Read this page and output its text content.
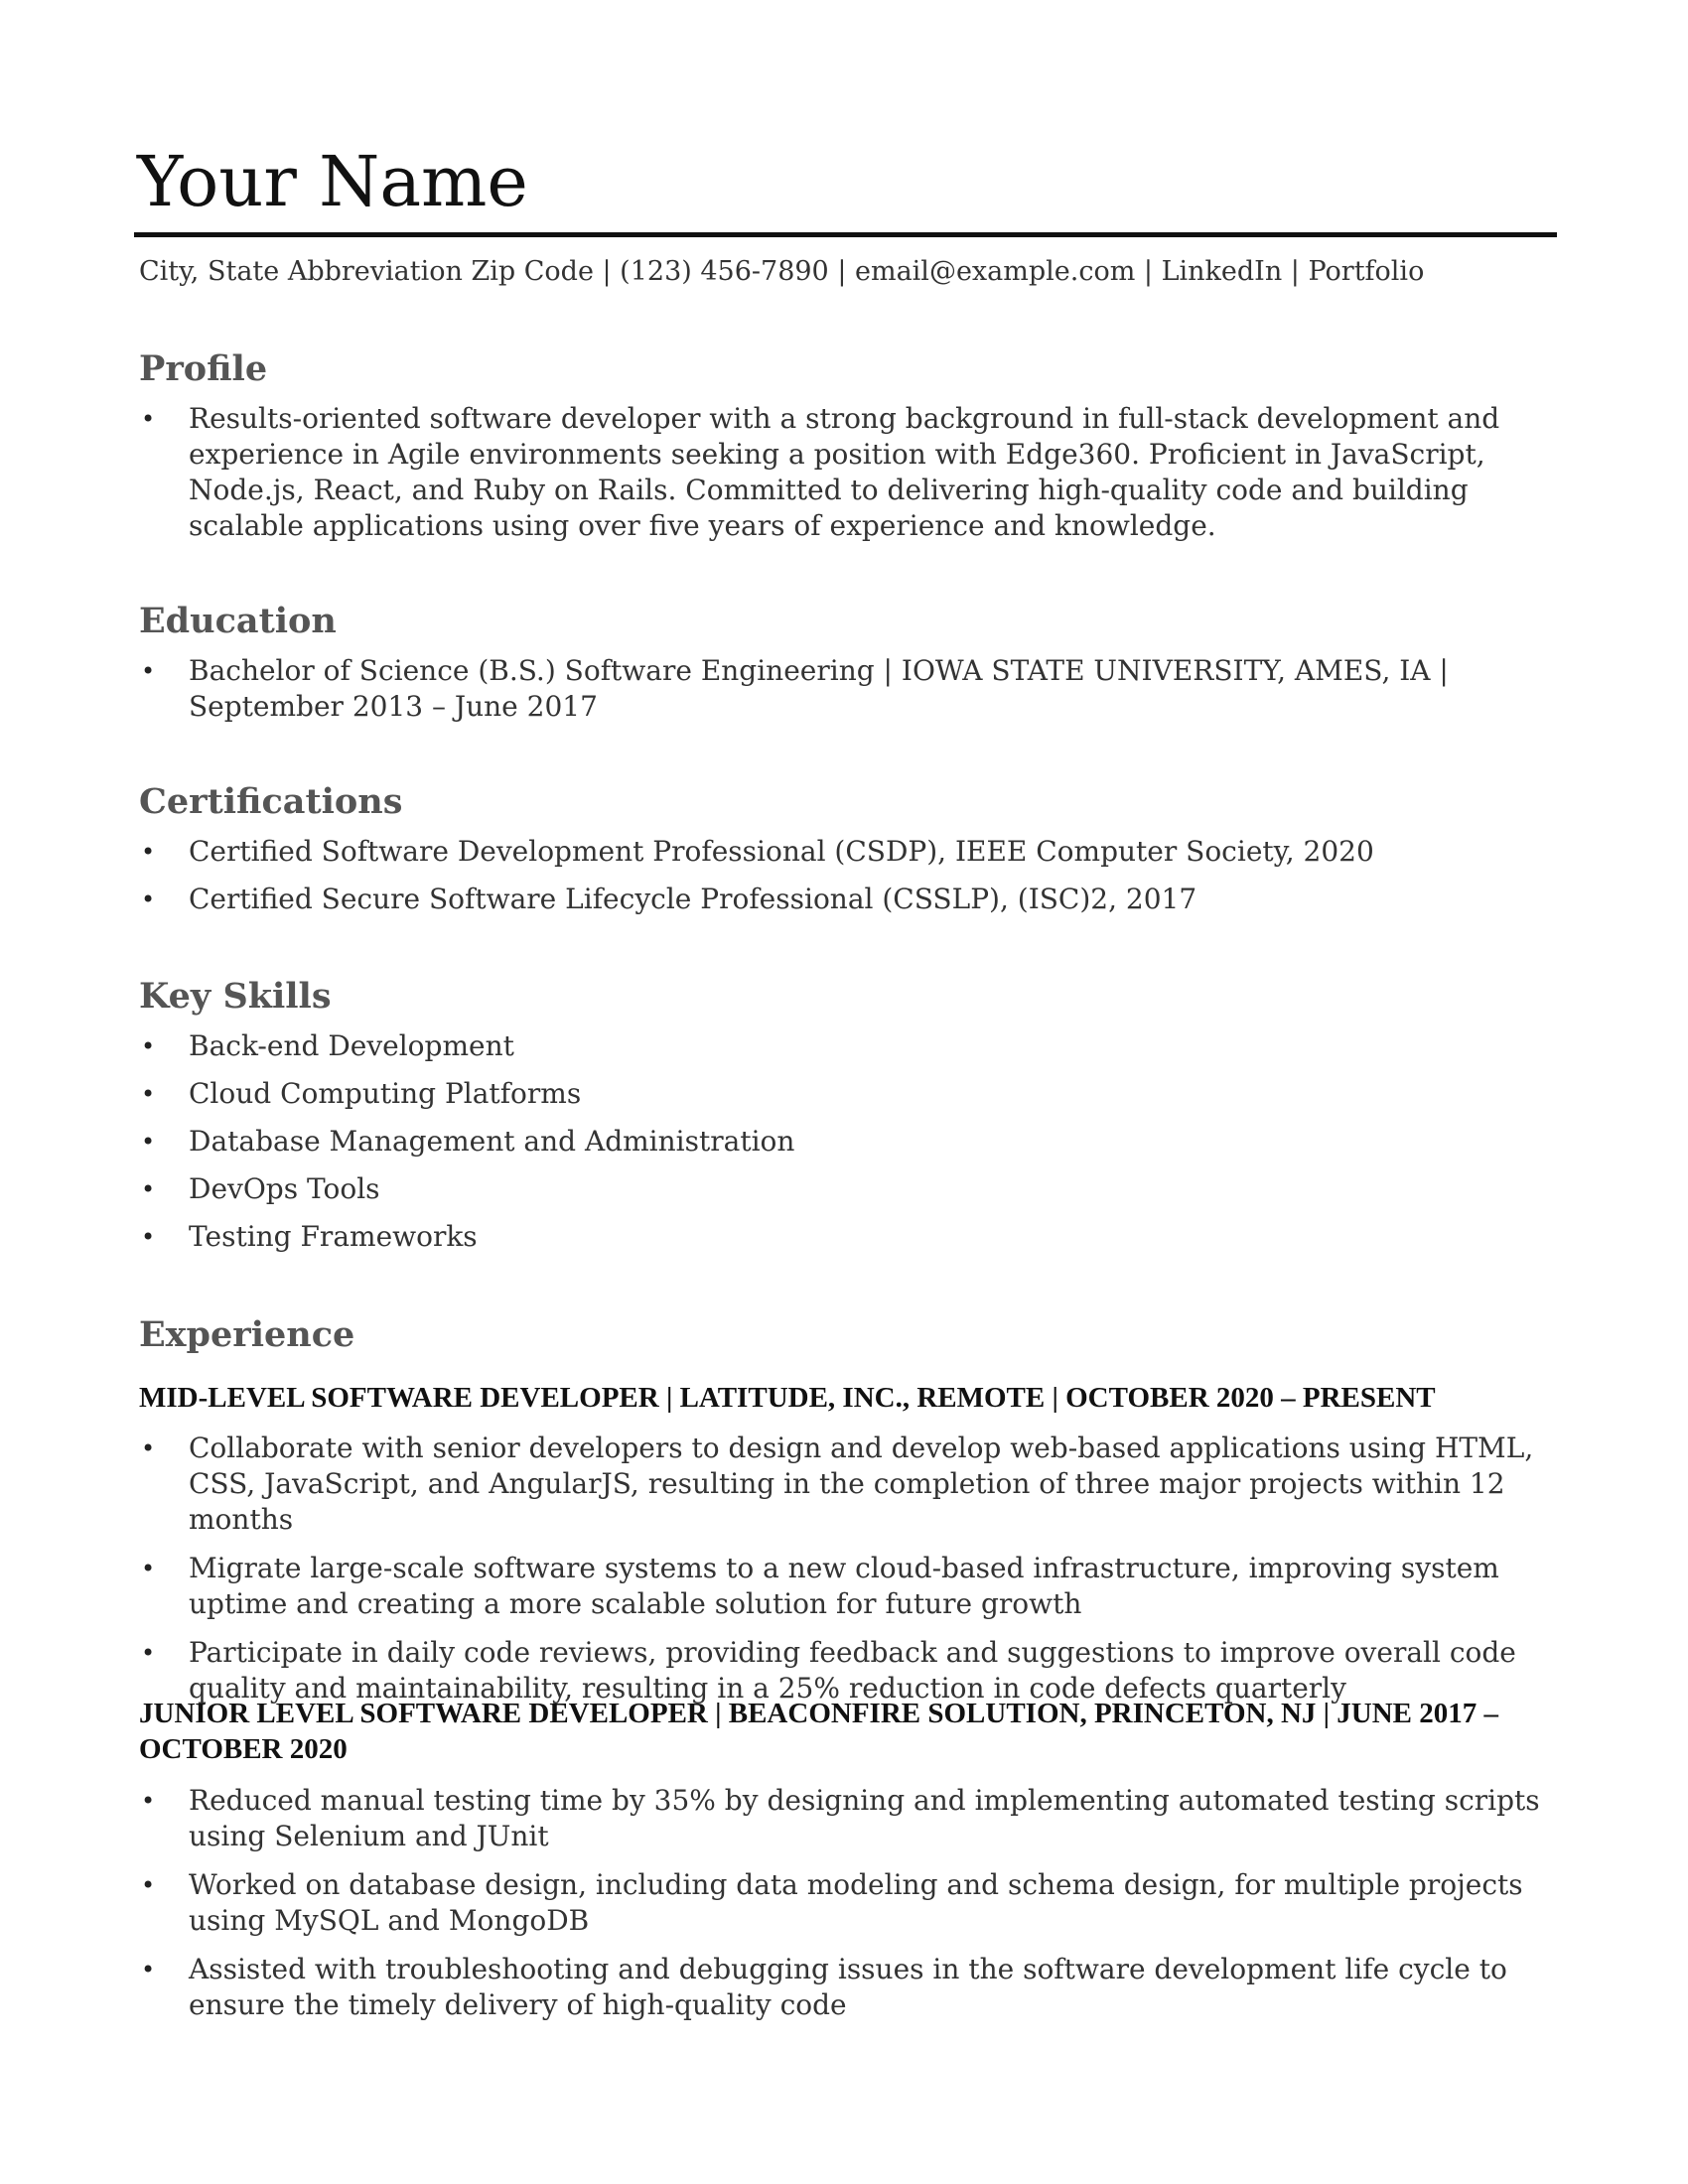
Your Name
City, State Abbreviation Zip Code | (123) 456-7890 | email@example.com | LinkedIn | Portfolio
Profile
• Results-oriented software developer with a strong background in full-stack development and experience in Agile environments seeking a position with Edge360. Proficient in JavaScript, Node.js, React, and Ruby on Rails. Committed to delivering high-quality code and building scalable applications using over five years of experience and knowledge.
Education
• Bachelor of Science (B.S.) Software Engineering | IOWA STATE UNIVERSITY, AMES, IA | September 2013 – June 2017
Certifications
• Certified Software Development Professional (CSDP), IEEE Computer Society, 2020
• Certified Secure Software Lifecycle Professional (CSSLP), (ISC)2, 2017
Key Skills
• Back-end Development
• Cloud Computing Platforms
• Database Management and Administration
• DevOps Tools
• Testing Frameworks
Experience
MID-LEVEL SOFTWARE DEVELOPER | LATITUDE, INC., REMOTE | OCTOBER 2020 – PRESENT
• Collaborate with senior developers to design and develop web-based applications using HTML, CSS, JavaScript, and AngularJS, resulting in the completion of three major projects within 12 months
• Migrate large-scale software systems to a new cloud-based infrastructure, improving system uptime and creating a more scalable solution for future growth
• Participate in daily code reviews, providing feedback and suggestions to improve overall code quality and maintainability, resulting in a 25% reduction in code defects quarterly
JUNIOR LEVEL SOFTWARE DEVELOPER | BEACONFIRE SOLUTION, PRINCETON, NJ | JUNE 2017 – OCTOBER 2020
• Reduced manual testing time by 35% by designing and implementing automated testing scripts using Selenium and JUnit
• Worked on database design, including data modeling and schema design, for multiple projects using MySQL and MongoDB
• Assisted with troubleshooting and debugging issues in the software development life cycle to ensure the timely delivery of high-quality code
